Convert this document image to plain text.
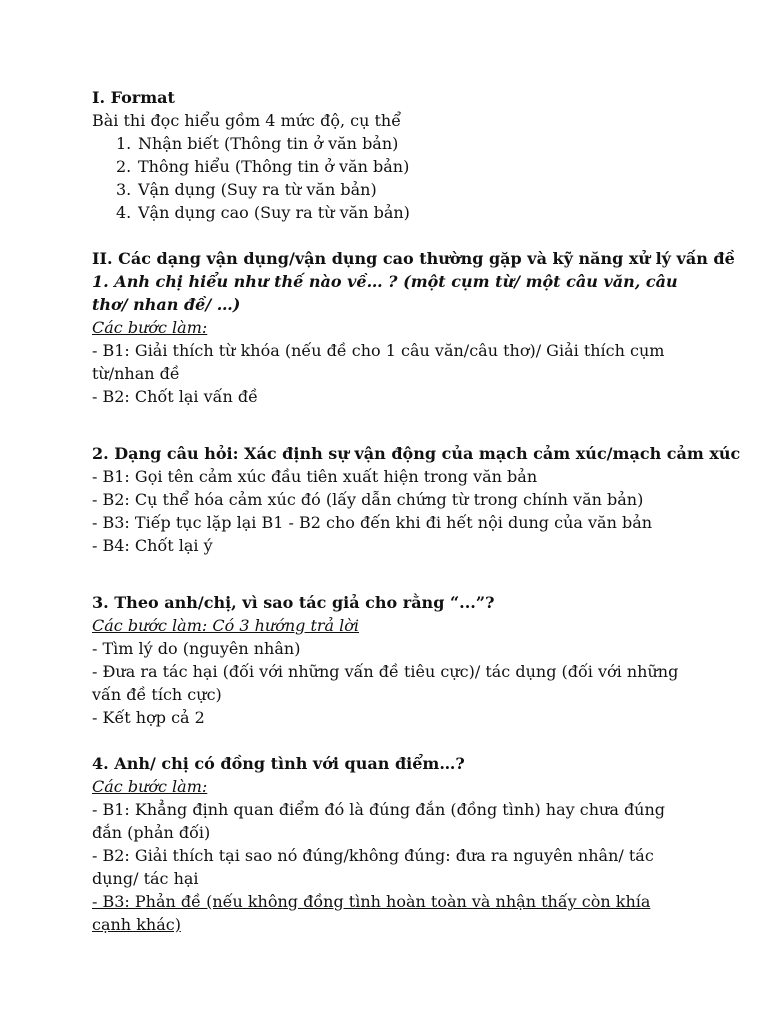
I. Format

Bài thi đọc hiểu gồm 4 mức độ, cụ thể

1. Nhận biết (Thông tin ở văn bản)
2. Thông hiểu (Thông tin ở văn bản)
3. Vận dụng (Suy ra từ văn bản)
4. Vận dụng cao (Suy ra từ văn bản)

II. Các dạng vận dụng/vận dụng cao thường gặp và kỹ năng xử lý vấn đề

1. Anh chị hiểu như thế nào về… ? (một cụm từ/ một câu văn, câu thơ/ nhan đề/ …)

Các bước làm:

- B1: Giải thích từ khóa (nếu đề cho 1 câu văn/câu thơ)/ Giải thích cụm từ/nhan đề

- B2: Chốt lại vấn đề

2. Dạng câu hỏi: Xác định sự vận động của mạch cảm xúc/mạch cảm xúc

- B1: Gọi tên cảm xúc đầu tiên xuất hiện trong văn bản

- B2: Cụ thể hóa cảm xúc đó (lấy dẫn chứng từ trong chính văn bản)

- B3: Tiếp tục lặp lại B1 - B2 cho đến khi đi hết nội dung của văn bản

- B4: Chốt lại ý

3. Theo anh/chị, vì sao tác giả cho rằng “...”?

Các bước làm: Có 3 hướng trả lời

- Tìm lý do (nguyên nhân)

- Đưa ra tác hại (đối với những vấn đề tiêu cực)/ tác dụng (đối với những vấn đề tích cực)

- Kết hợp cả 2

4. Anh/ chị có đồng tình với quan điểm…?

Các bước làm:

- B1: Khẳng định quan điểm đó là đúng đắn (đồng tình) hay chưa đúng đắn (phản đối)

- B2: Giải thích tại sao nó đúng/không đúng: đưa ra nguyên nhân/ tác dụng/ tác hại

- B3: Phản đề (nếu không đồng tình hoàn toàn và nhận thấy còn khía cạnh khác)
